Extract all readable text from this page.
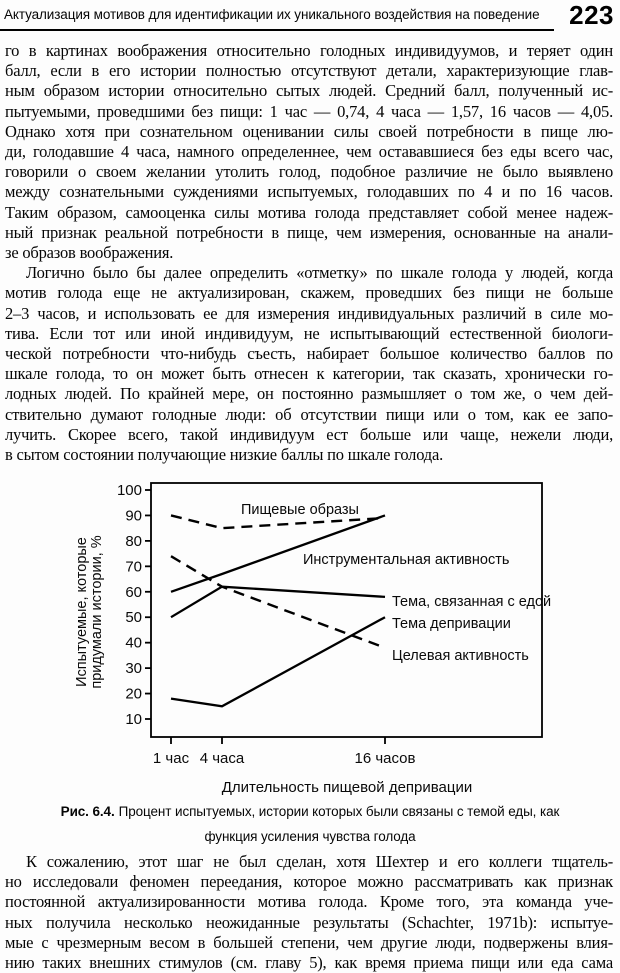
Актуализация мотивов для идентификации их уникального воздействия на поведение	223
го в картинах воображения относительно голодных индивидуумов, и теряет один
балл, если в его истории полностью отсутствуют детали, характеризующие глав-
ным образом истории относительно сытых людей. Средний балл, полученный ис-
пытуемыми, проведшими без пищи: 1 час — 0,74, 4 часа — 1,57, 16 часов — 4,05.
Однако хотя при сознательном оценивании силы своей потребности в пище лю-
ди, голодавшие 4 часа, намного определеннее, чем остававшиеся без еды всего час,
говорили о своем желании утолить голод, подобное различие не было выявлено
между сознательными суждениями испытуемых, голодавших по 4 и по 16 часов.
Таким образом, самооценка силы мотива голода представляет собой менее надеж-
ный признак реальной потребности в пище, чем измерения, основанные на анали-
зе образов воображения.
Логично было бы далее определить «отметку» по шкале голода у людей, когда
мотив голода еще не актуализирован, скажем, проведших без пищи не больше
2–3 часов, и использовать ее для измерения индивидуальных различий в силе мо-
тива. Если тот или иной индивидуум, не испытывающий естественной биологи-
ческой потребности что-нибудь съесть, набирает большое количество баллов по
шкале голода, то он может быть отнесен к категории, так сказать, хронически го-
лодных людей. По крайней мере, он постоянно размышляет о том же, о чем дей-
ствительно думают голодные люди: об отсутствии пищи или о том, как ее запо-
лучить. Скорее всего, такой индивидуум ест больше или чаще, нежели люди,
в сытом состоянии получающие низкие баллы по шкале голода.
10
20
30
40
50
60
70
80
90
100
1 час 4 часа	16 часов
Испытуемые, которые придумали истории, %
Длительность пищевой депривации
Пищевые образы
Инструментальная активность
Тема, связанная с едой
Тема депривации
Целевая активность
Рис. 6.4. Процент испытуемых, истории которых были связаны с темой еды, как функция усиления чувства голода
К сожалению, этот шаг не был сделан, хотя Шехтер и его коллеги тщатель-
но исследовали феномен переедания, которое можно рассматривать как признак
постоянной актуализированности мотива голода. Кроме того, эта команда уче-
ных получила несколько неожиданные результаты (Schachter, 1971b): испытуе-
мые с чрезмерным весом в большей степени, чем другие люди, подвержены влия-
нию таких внешних стимулов (см. главу 5), как время приема пищи или еда сама
